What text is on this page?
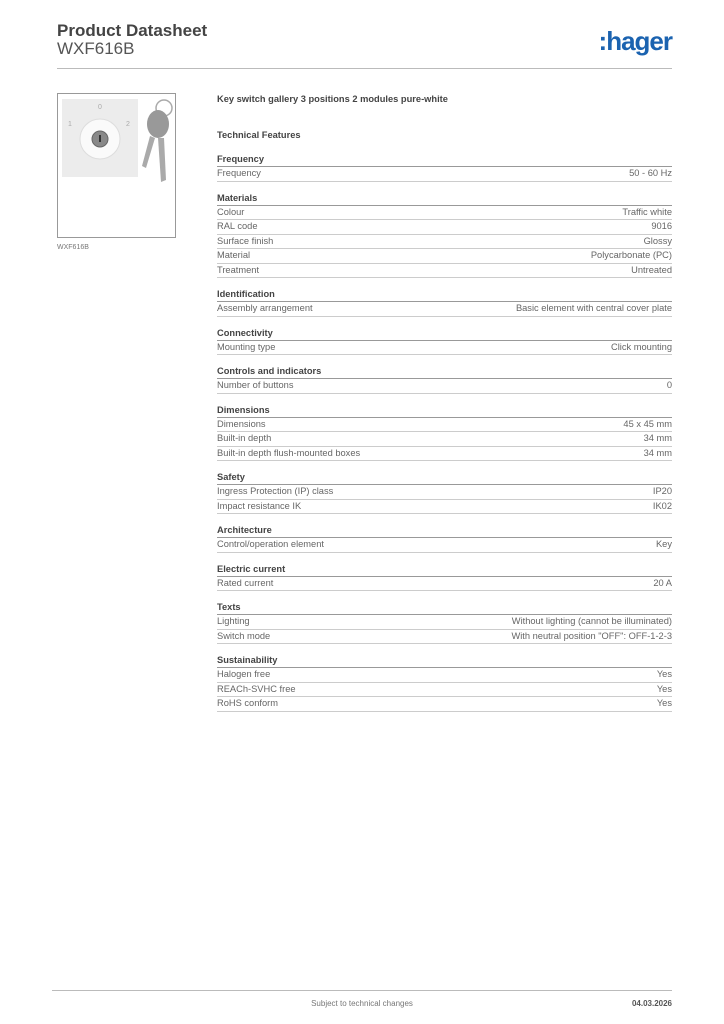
Product Datasheet
WXF616B	:hager
0
1	2
WXF616B
Key switch gallery 3 positions 2 modules pure-white
Technical Features
Frequency
Frequency	50 - 60 Hz
Materials
Colour	Traffic white
RAL code	9016
Surface finish	Glossy
Material	Polycarbonate (PC)
Treatment	Untreated
Identification
Assembly arrangement	Basic element with central cover plate
Connectivity
Mounting type	Click mounting
Controls and indicators
Number of buttons	0
Dimensions
Dimensions	45 x 45 mm
Built-in depth	34 mm
Built-in depth flush-mounted boxes	34 mm
Safety
Ingress Protection (IP) class	IP20
Impact resistance IK	IK02
Architecture
Control/operation element	Key
Electric current
Rated current	20 A
Texts
Lighting	Without lighting (cannot be illuminated)
Switch mode	With neutral position "OFF": OFF-1-2-3
Sustainability
Halogen free	Yes
REACh-SVHC free	Yes
RoHS conform	Yes
Subject to technical changes	04.03.2026
